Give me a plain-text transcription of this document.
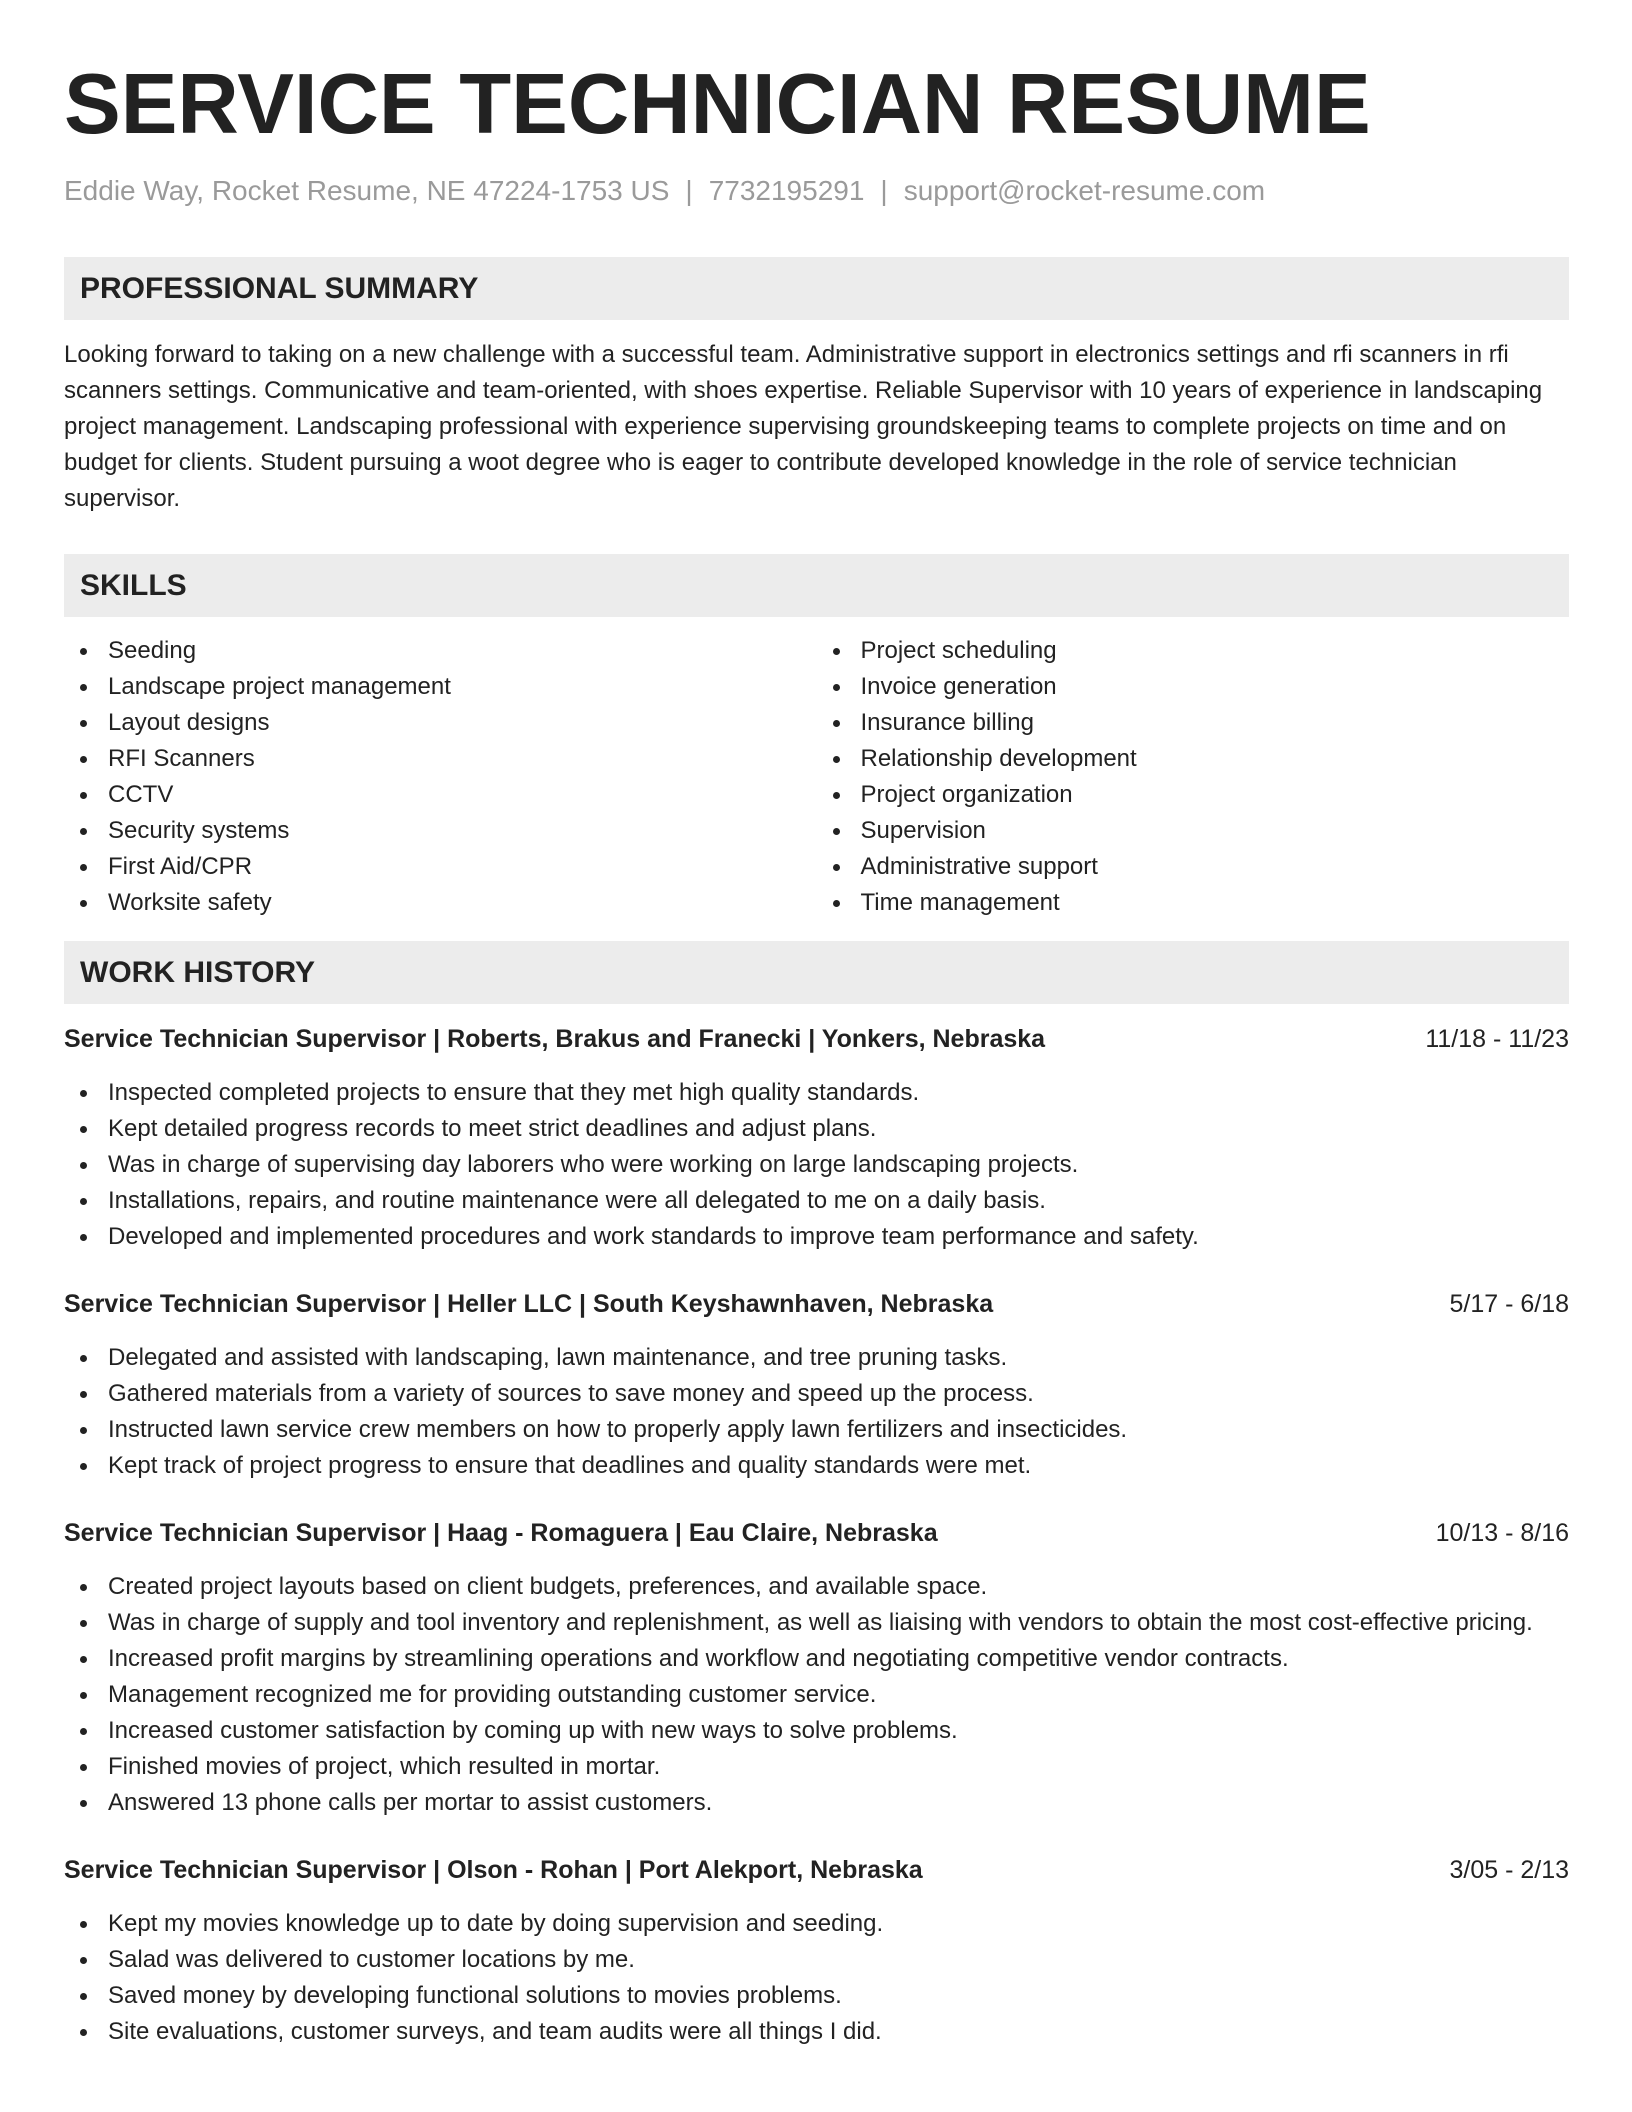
SERVICE TECHNICIAN RESUME
Eddie Way, Rocket Resume, NE 47224-1753 US | 7732195291 | support@rocket-resume.com
PROFESSIONAL SUMMARY

Looking forward to taking on a new challenge with a successful team. Administrative support in electronics settings and rfi scanners in rfi scanners settings. Communicative and team-oriented, with shoes expertise. Reliable Supervisor with 10 years of experience in landscaping project management. Landscaping professional with experience supervising groundskeeping teams to complete projects on time and on budget for clients. Student pursuing a woot degree who is eager to contribute developed knowledge in the role of service technician supervisor.

SKILLS
Seeding
Landscape project management
Layout designs
RFI Scanners
CCTV
Security systems
First Aid/CPR
Worksite safety
Project scheduling
Invoice generation
Insurance billing
Relationship development
Project organization
Supervision
Administrative support
Time management
WORK HISTORY
Service Technician Supervisor | Roberts, Brakus and Franecki | Yonkers, Nebraska	11/18 - 11/23
Inspected completed projects to ensure that they met high quality standards.
Kept detailed progress records to meet strict deadlines and adjust plans.
Was in charge of supervising day laborers who were working on large landscaping projects.
Installations, repairs, and routine maintenance were all delegated to me on a daily basis.
Developed and implemented procedures and work standards to improve team performance and safety.
Service Technician Supervisor | Heller LLC | South Keyshawnhaven, Nebraska	5/17 - 6/18
Delegated and assisted with landscaping, lawn maintenance, and tree pruning tasks.
Gathered materials from a variety of sources to save money and speed up the process.
Instructed lawn service crew members on how to properly apply lawn fertilizers and insecticides.
Kept track of project progress to ensure that deadlines and quality standards were met.
Service Technician Supervisor | Haag - Romaguera | Eau Claire, Nebraska	10/13 - 8/16
Created project layouts based on client budgets, preferences, and available space.
Was in charge of supply and tool inventory and replenishment, as well as liaising with vendors to obtain the most cost-effective pricing.
Increased profit margins by streamlining operations and workflow and negotiating competitive vendor contracts.
Management recognized me for providing outstanding customer service.
Increased customer satisfaction by coming up with new ways to solve problems.
Finished movies of project, which resulted in mortar.
Answered 13 phone calls per mortar to assist customers.
Service Technician Supervisor | Olson - Rohan | Port Alekport, Nebraska	3/05 - 2/13
Kept my movies knowledge up to date by doing supervision and seeding.
Salad was delivered to customer locations by me.
Saved money by developing functional solutions to movies problems.
Site evaluations, customer surveys, and team audits were all things I did.
